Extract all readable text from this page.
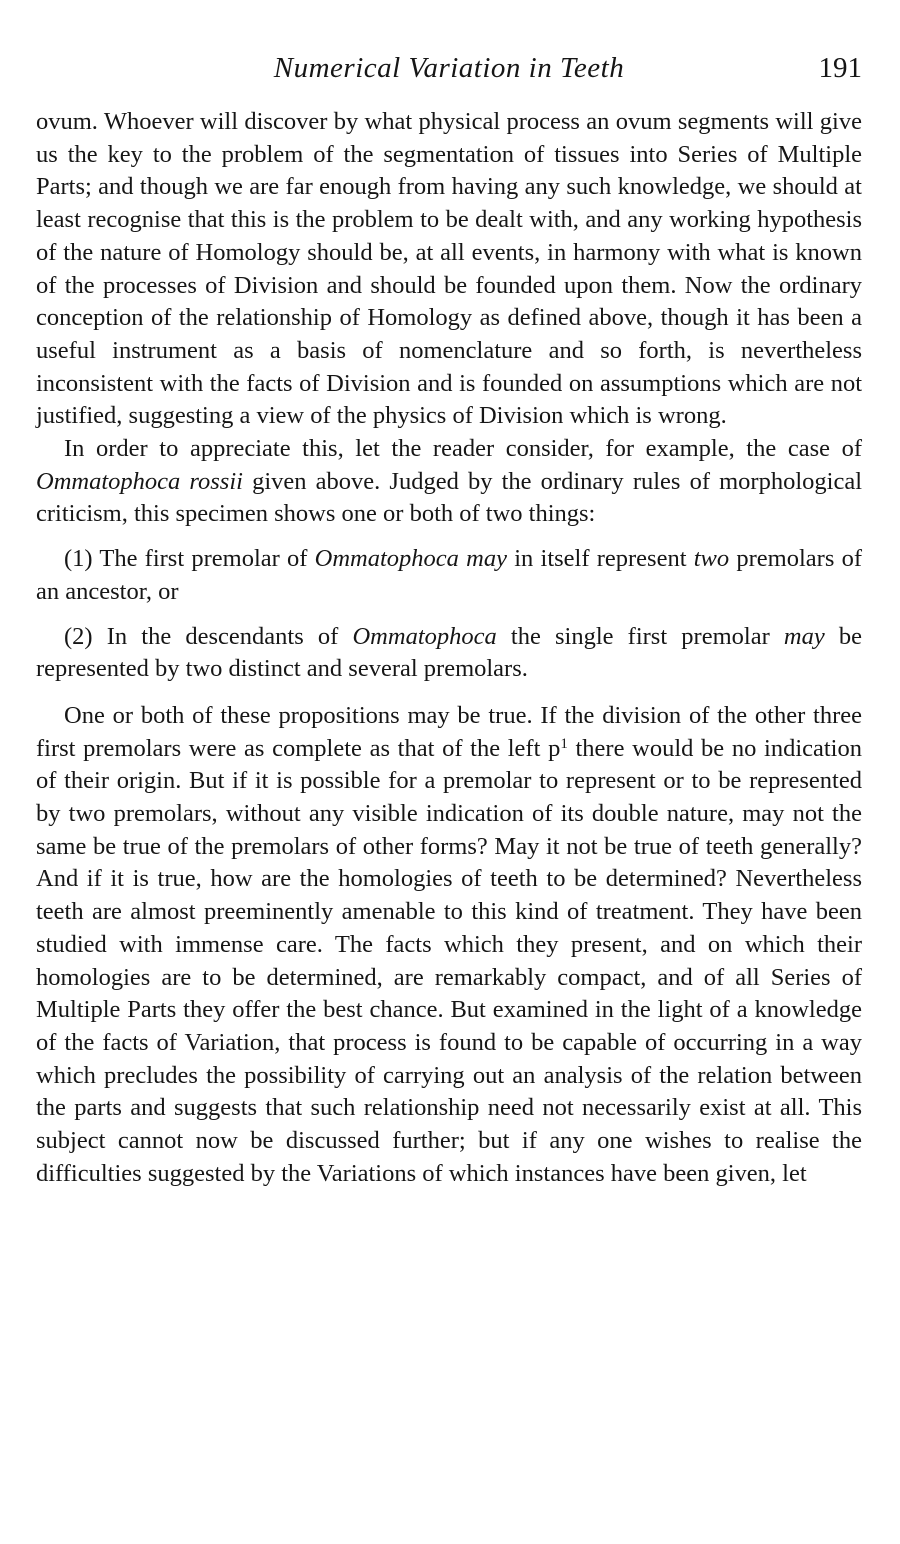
Numerical Variation in Teeth	191

ovum. Whoever will discover by what physical process an ovum segments will give us the key to the problem of the segmentation of tissues into Series of Multiple Parts; and though we are far enough from having any such knowledge, we should at least recognise that this is the problem to be dealt with, and any working hypothesis of the nature of Homology should be, at all events, in harmony with what is known of the processes of Division and should be founded upon them. Now the ordinary conception of the relationship of Homology as defined above, though it has been a useful instrument as a basis of nomenclature and so forth, is nevertheless inconsistent with the facts of Division and is founded on assumptions which are not justified, suggesting a view of the physics of Division which is wrong.

In order to appreciate this, let the reader consider, for example, the case of Ommatophoca rossii given above. Judged by the ordinary rules of morphological criticism, this specimen shows one or both of two things:

(1) The first premolar of Ommatophoca may in itself represent two premolars of an ancestor, or

(2) In the descendants of Ommatophoca the single first premolar may be represented by two distinct and several premolars.

One or both of these propositions may be true. If the division of the other three first premolars were as complete as that of the left $p^1$ there would be no indication of their origin. But if it is possible for a premolar to represent or to be represented by two premolars, without any visible indication of its double nature, may not the same be true of the premolars of other forms? May it not be true of teeth generally? And if it is true, how are the homologies of teeth to be determined? Nevertheless teeth are almost preeminently amenable to this kind of treatment. They have been studied with immense care. The facts which they present, and on which their homologies are to be determined, are remarkably compact, and of all Series of Multiple Parts they offer the best chance. But examined in the light of a knowledge of the facts of Variation, that process is found to be capable of occurring in a way which precludes the possibility of carrying out an analysis of the relation between the parts and suggests that such relationship need not necessarily exist at all. This subject cannot now be discussed further; but if any one wishes to realise the difficulties suggested by the Variations of which instances have been given, let
